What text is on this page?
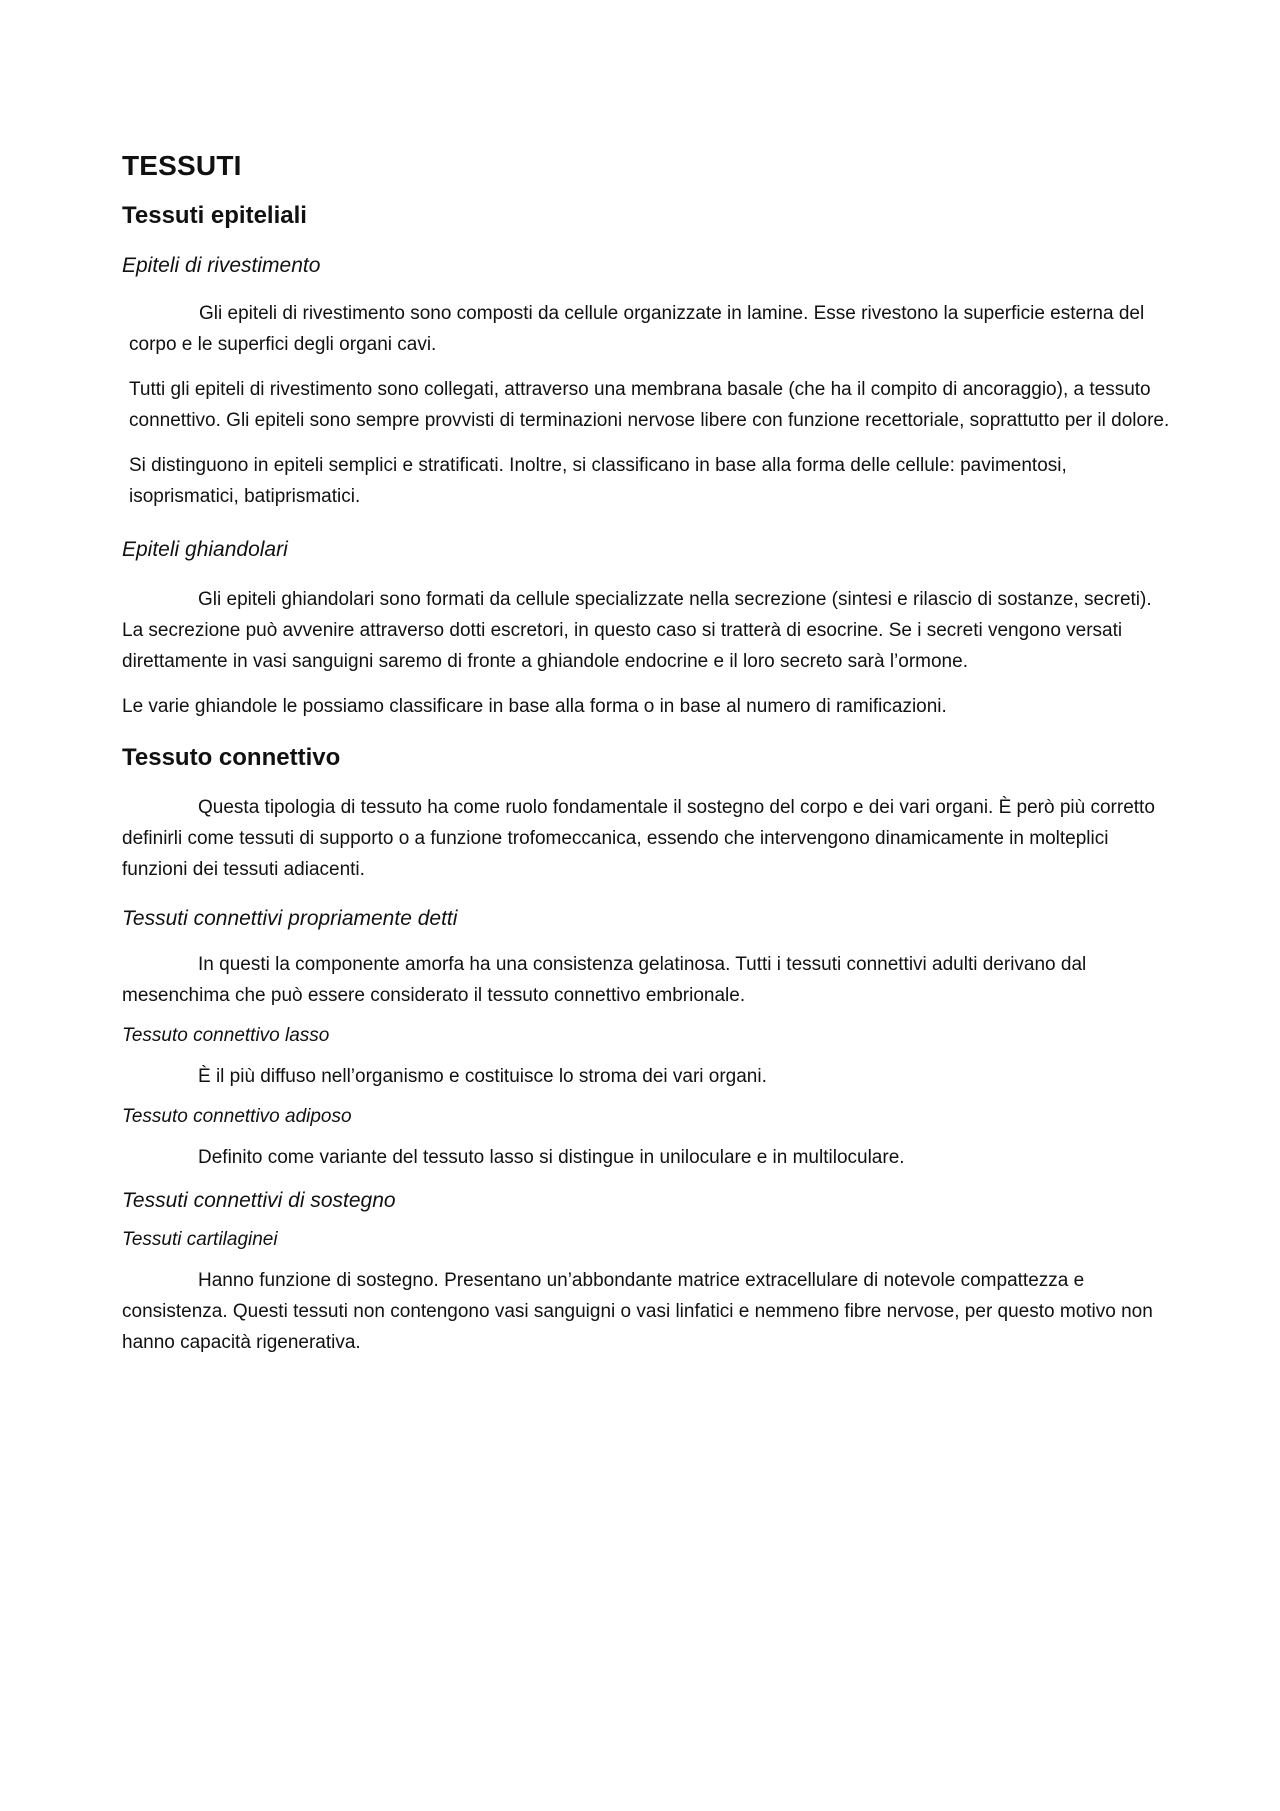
TESSUTI
Tessuti epiteliali
Epiteli di rivestimento

Gli epiteli di rivestimento sono composti da cellule organizzate in lamine. Esse rivestono la superficie esterna del corpo e le superfici degli organi cavi.

Tutti gli epiteli di rivestimento sono collegati, attraverso una membrana basale (che ha il compito di ancoraggio), a tessuto connettivo. Gli epiteli sono sempre provvisti di terminazioni nervose libere con funzione recettoriale, soprattutto per il dolore.

Si distinguono in epiteli semplici e stratificati. Inoltre, si classificano in base alla forma delle cellule: pavimentosi, isoprismatici, batiprismatici.

Epiteli ghiandolari

Gli epiteli ghiandolari sono formati da cellule specializzate nella secrezione (sintesi e rilascio di sostanze, secreti). La secrezione può avvenire attraverso dotti escretori, in questo caso si tratterà di esocrine. Se i secreti vengono versati direttamente in vasi sanguigni saremo di fronte a ghiandole endocrine e il loro secreto sarà l’ormone.

Le varie ghiandole le possiamo classificare in base alla forma o in base al numero di ramificazioni.

Tessuto connettivo

Questa tipologia di tessuto ha come ruolo fondamentale il sostegno del corpo e dei vari organi. È però più corretto definirli come tessuti di supporto o a funzione trofomeccanica, essendo che intervengono dinamicamente in molteplici funzioni dei tessuti adiacenti.

Tessuti connettivi propriamente detti

In questi la componente amorfa ha una consistenza gelatinosa. Tutti i tessuti connettivi adulti derivano dal mesenchima che può essere considerato il tessuto connettivo embrionale.

Tessuto connettivo lasso

È il più diffuso nell’organismo e costituisce lo stroma dei vari organi.

Tessuto connettivo adiposo

Definito come variante del tessuto lasso si distingue in uniloculare e in multiloculare.

Tessuti connettivi di sostegno
Tessuti cartilaginei

Hanno funzione di sostegno. Presentano un’abbondante matrice extracellulare di notevole compattezza e consistenza. Questi tessuti non contengono vasi sanguigni o vasi linfatici e nemmeno fibre nervose, per questo motivo non hanno capacità rigenerativa.
